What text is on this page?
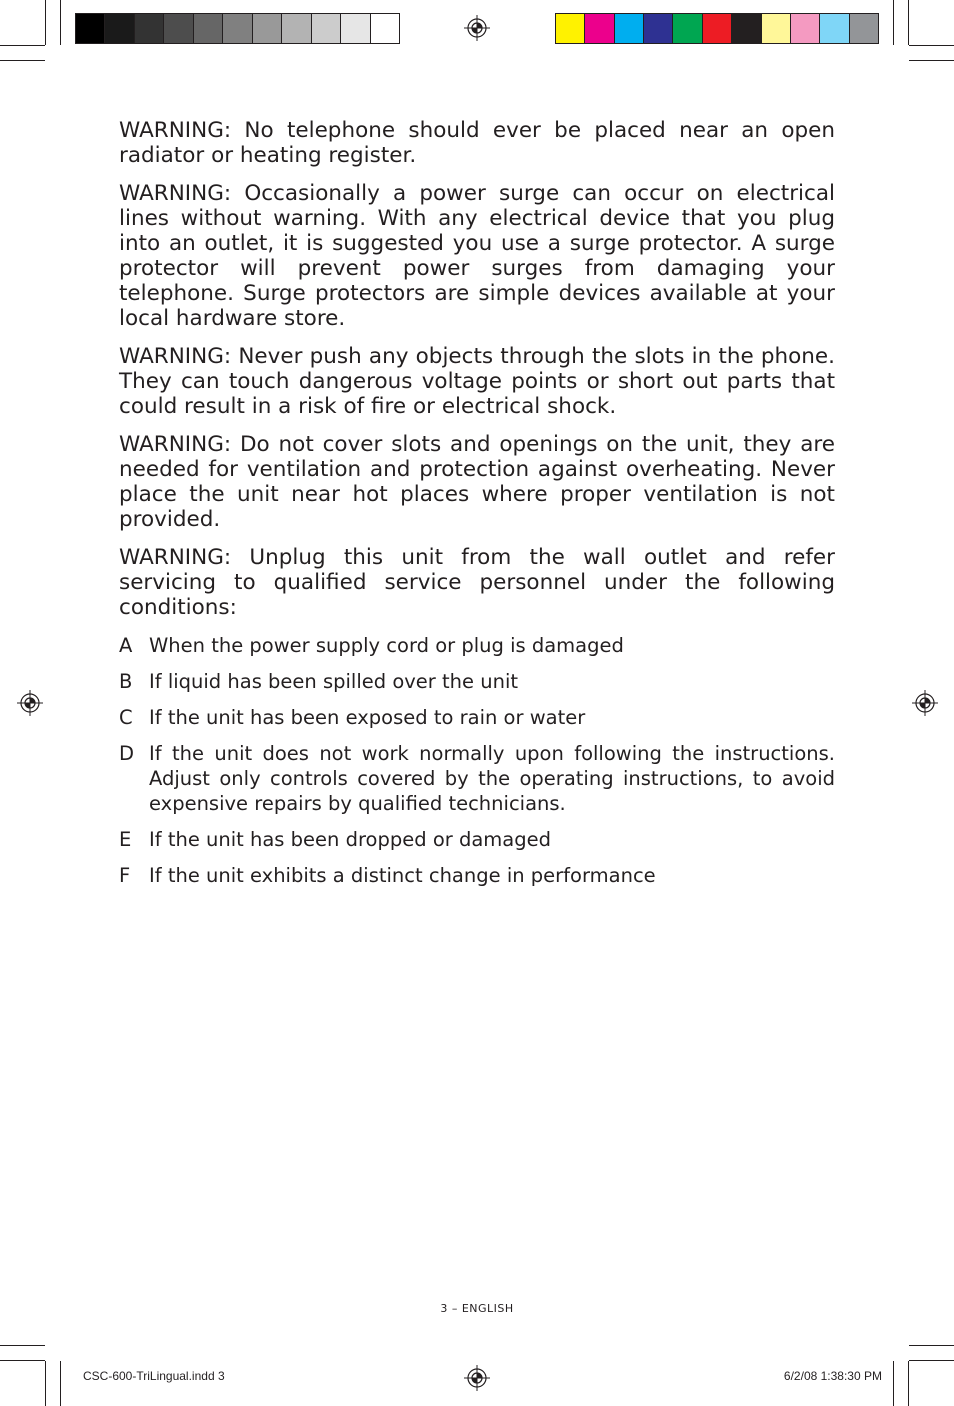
WARNING: No telephone should ever be placed near an open radiator or heating register.

WARNING: Occasionally a power surge can occur on electrical lines without warning. With any electrical device that you plug into an outlet, it is suggested you use a surge protector. A surge protector will prevent power surges from damaging your telephone. Surge protectors are simple devices available at your local hardware store.

WARNING: Never push any objects through the slots in the phone. They can touch dangerous voltage points or short out parts that could result in a risk of fire or electrical shock.

WARNING: Do not cover slots and openings on the unit, they are needed for ventilation and protection against overheating. Never place the unit near hot places where proper ventilation is not provided.

WARNING: Unplug this unit from the wall outlet and refer servicing to qualified service personnel under the following conditions:

A When the power supply cord or plug is damaged
B If liquid has been spilled over the unit
C If the unit has been exposed to rain or water
D If the unit does not work normally upon following the instructions. Adjust only controls covered by the operating instructions, to avoid expensive repairs by qualified technicians.
E If the unit has been dropped or damaged
F If the unit exhibits a distinct change in performance
3 – ENGLISH
CSC-600-TriLingual.indd 3	6/2/08 1:38:30 PM
